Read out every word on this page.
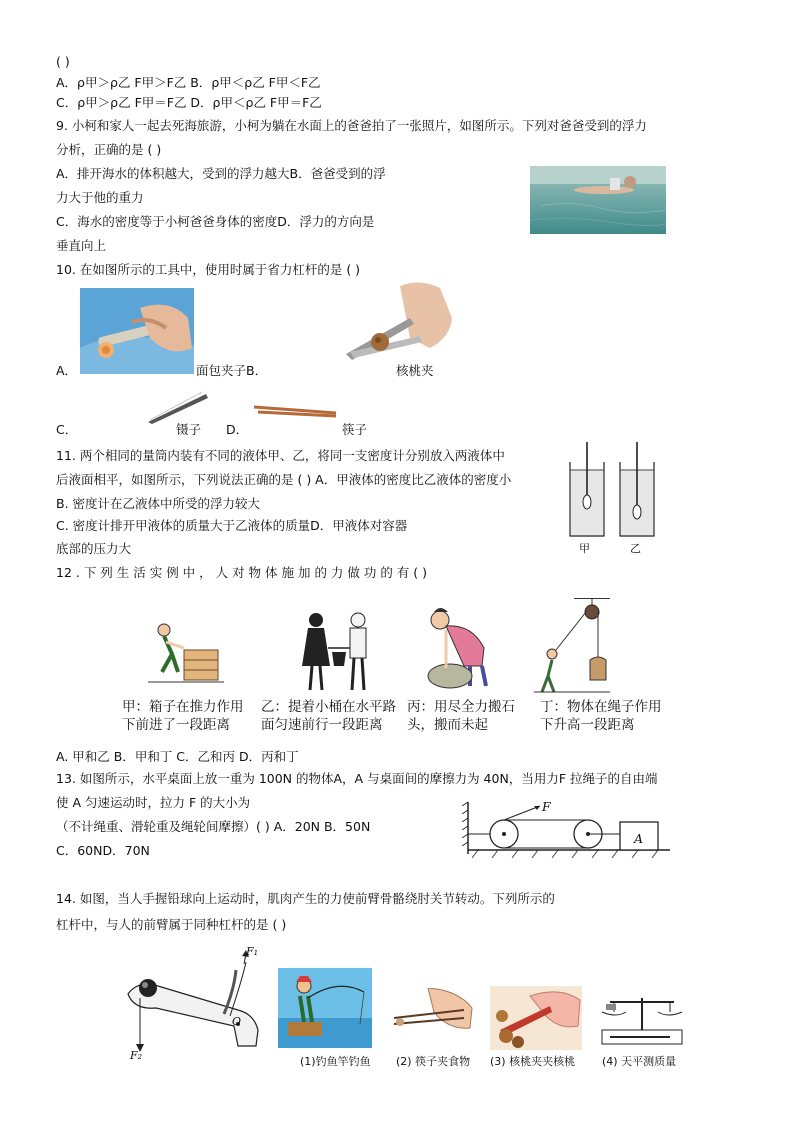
( )
A．ρ甲＞ρ乙 F甲＞F乙 B．ρ甲＜ρ乙 F甲＜F乙
C．ρ甲＞ρ乙 F甲＝F乙 D．ρ甲＜ρ乙 F甲＝F乙
9. 小柯和家人一起去死海旅游，小柯为躺在水面上的爸爸拍了一张照片，如图所示。下列对爸爸受到的浮力
分析，正确的是 ( )
A．排开海水的体积越大，受到的浮力越大B．爸爸受到的浮
力大于他的重力
C．海水的密度等于小柯爸爸身体的密度D．浮力的方向是
垂直向上
10. 在如图所示的工具中，使用时属于省力杠杆的是 ( )
A．	面包夹子B．	核桃夹
C．	镊子 D．	筷子
11. 两个相同的量筒内装有不同的液体甲、乙，将同一支密度计分别放入两液体中
后液面相平，如图所示，下列说法正确的是 ( ) A．甲液体的密度比乙液体的密度小
B. 密度计在乙液体中所受的浮力较大
C. 密度计排开甲液体的质量大于乙液体的质量D．甲液体对容器
底部的压力大	甲	乙
12 . 下 列 生 活 实 例 中 ， 人 对 物 体 施 加 的 力 做 功 的 有 ( )
甲：箱子在推力作用
下前进了一段距离
乙：提着小桶在水平路
面匀速前行一段距离
丙：用尽全力搬石
头，搬而未起
丁：物体在绳子作用
下升高一段距离
A. 甲和乙 B．甲和丁 C．乙和丙 D．丙和丁
13. 如图所示，水平桌面上放一重为 100N 的物体A，A 与桌面间的摩擦力为 40N，当用力F 拉绳子的自由端
使 A 匀速运动时，拉力 F 的大小为
（不计绳重、滑轮重及绳轮间摩擦）( ) A．20N B．50N
C．60ND．70N
F
A
14. 如图，当人手握铅球向上运动时，肌肉产生的力使前臂骨骼绕肘关节转动。下列所示的
杠杆中，与人的前臂属于同种杠杆的是 ( )
F₁
F₂
O
(1)钓鱼竿钓鱼 (2) 筷子夹食物 (3) 核桃夹夹核桃 (4) 天平测质量
